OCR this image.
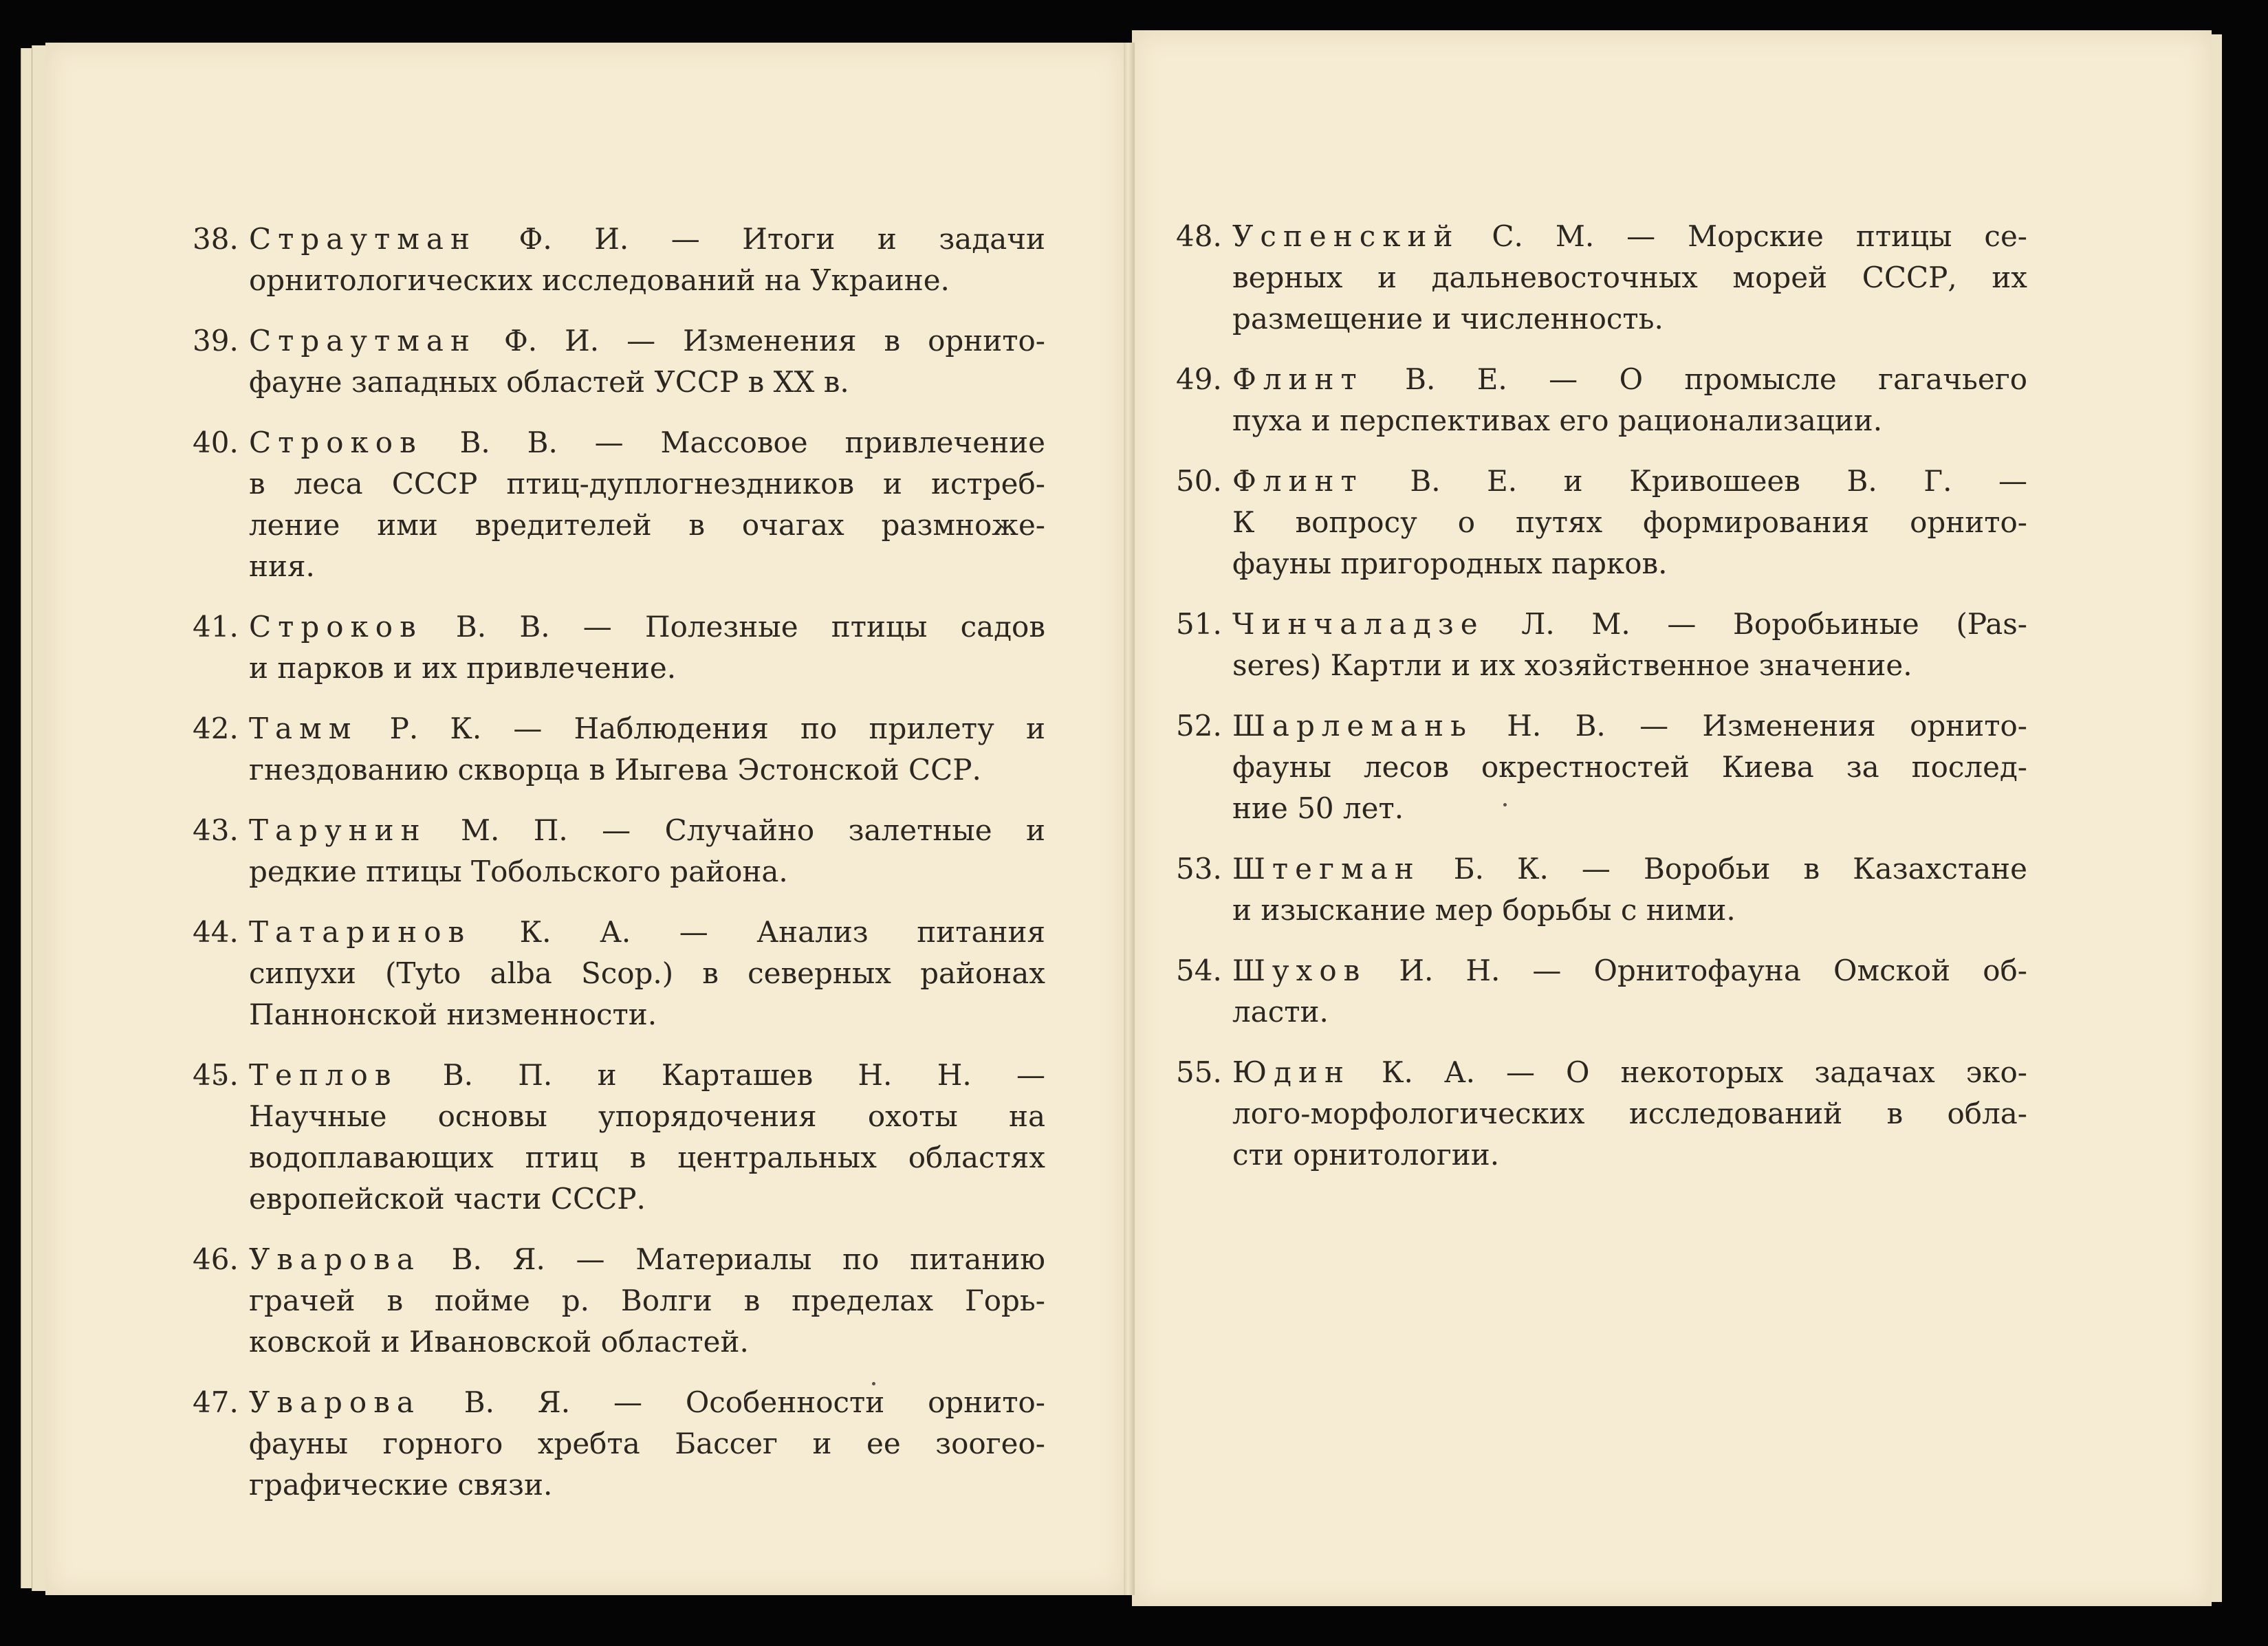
38. Страутман Ф. И. — Итоги и задачи
орнитологических исследований на Украине.
39. Страутман Ф. И. — Изменения в орнито-
фауне западных областей УССР в XX в.
40. Строков В. В. — Массовое привлечение
в леса СССР птиц-дуплогнездников и истреб-
ление ими вредителей в очагах размноже-
ния.
41. Строков В. В. — Полезные птицы садов
и парков и их привлечение.
42. Тамм Р. К. — Наблюдения по прилету и
гнездованию скворца в Иыгева Эстонской ССР.
43. Тарунин М. П. — Случайно залетные и
редкие птицы Тобольского района.
44. Татаринов К. А. — Анализ питания
сипухи (Tyto alba Scop.) в северных районах
Паннонской низменности.
45. Теплов В. П. и Карташев Н. Н. —
Научные основы упорядочения охоты на
водоплавающих птиц в центральных областях
европейской части СССР.
46. Уварова В. Я. — Материалы по питанию
грачей в пойме р. Волги в пределах Горь-
ковской и Ивановской областей.
47. Уварова В. Я. — Особенности орнито-
фауны горного хребта Бассег и ее зоогео-
графические связи.
48. Успенский С. М. — Морские птицы се-
верных и дальневосточных морей СССР, их
размещение и численность.
49. Флинт В. Е. — О промысле гагачьего
пуха и перспективах его рационализации.
50. Флинт В. Е. и Кривошеев В. Г. —
К вопросу о путях формирования орнито-
фауны пригородных парков.
51. Чинчаладзе Л. М. — Воробьиные (Pas-
seres) Картли и их хозяйственное значение.
52. Шарлемань Н. В. — Изменения орнито-
фауны лесов окрестностей Киева за послед-
ние 50 лет.
53. Штегман Б. К. — Воробьи в Казахстане
и изыскание мер борьбы с ними.
54. Шухов И. Н. — Орнитофауна Омской об-
ласти.
55. Юдин К. А. — О некоторых задачах эко-
лого-морфологических исследований в обла-
сти орнитологии.
